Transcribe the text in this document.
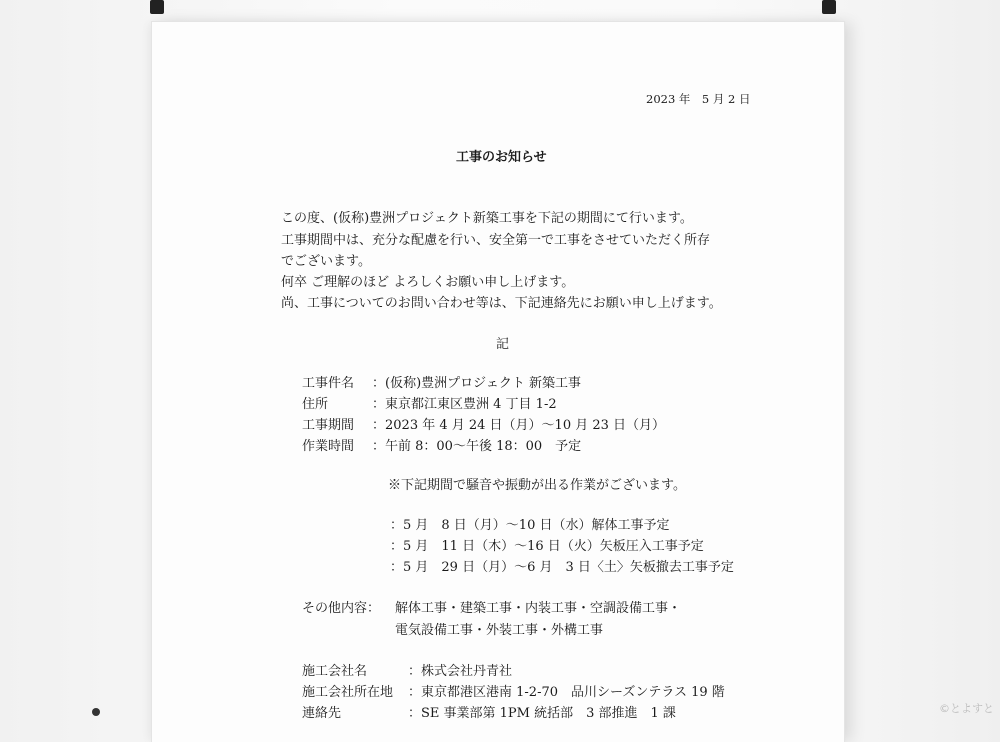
2023 年　5 月 2 日
工事のお知らせ
この度、(仮称)豊洲プロジェクト新築工事を下記の期間にて行います。
工事期間中は、充分な配慮を行い、安全第一で工事をさせていただく所存
でございます。
何卒 ご理解のほど よろしくお願い申し上げます。
尚、工事についてのお問い合わせ等は、下記連絡先にお願い申し上げます。
記
工事件名 ：(仮称)豊洲プロジェクト 新築工事
住所	：東京都江東区豊洲 4 丁目 1-2
工事期間 ：2023 年 4 月 24 日（月）～10 月 23 日（月）
作業時間 ：午前 8：00～午後 18：00　予定
※下記期間で騒音や振動が出る作業がございます。
：5 月　8 日（月）～10 日（水）解体工事予定
：5 月　11 日（木）～16 日（火）矢板圧入工事予定
：5 月　29 日（月）～6 月　3 日〈土〉矢板撤去工事予定
その他内容： 解体工事・建築工事・内装工事・空調設備工事・
電気設備工事・外装工事・外構工事
施工会社名	：株式会社丹青社
施工会社所在地 ：東京都港区港南 1-2-70　品川シーズンテラス 19 階
連絡先	：SE 事業部第 1PM 統括部　3 部推進　1 課	©とよすと
